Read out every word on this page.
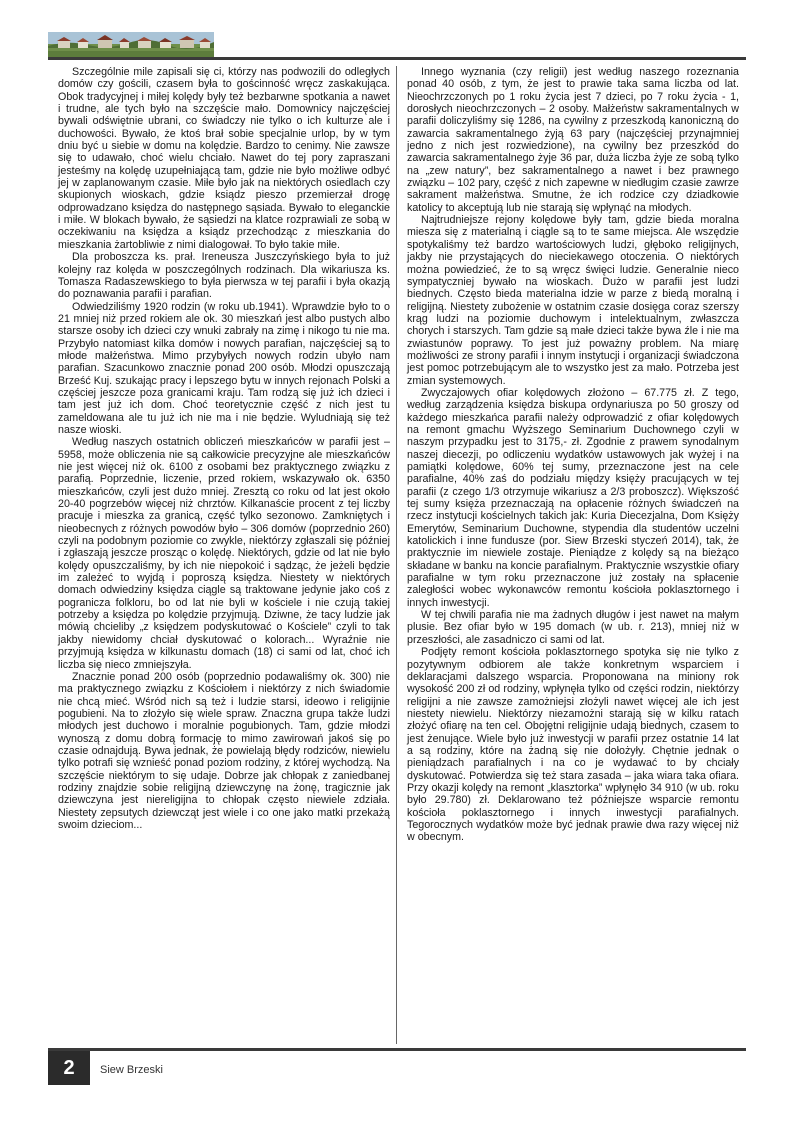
Szczególnie mile zapisali się ci, którzy nas podwozili do odległych domów czy gościli, czasem była to gościnność wręcz zaskakująca. Obok tradycyjnej i miłej kolędy były też bezbarwne spotkania a nawet i trudne, ale tych było na szczęście mało. Domownicy najczęściej bywali odświętnie ubrani, co świadczy nie tylko o ich kulturze ale i duchowości. Bywało, że ktoś brał sobie specjalnie urlop, by w tym dniu być u siebie w domu na kolędzie. Bardzo to cenimy. Nie zawsze się to udawało, choć wielu chciało. Nawet do tej pory zapraszani jesteśmy na kolędę uzupełniającą tam, gdzie nie było możliwe odbyć jej w zaplanowanym czasie. Miłe było jak na niektórych osiedlach czy skupionych wioskach, gdzie ksiądz pieszo przemierzał drogę odprowadzano księdza do następnego sąsiada. Bywało to eleganckie i miłe. W blokach bywało, że sąsiedzi na klatce rozprawiali ze sobą w oczekiwaniu na księdza a ksiądz przechodząc z mieszkania do mieszkania żartobliwie z nimi dialogował. To było takie miłe.

Dla proboszcza ks. prał. Ireneusza Juszczyńskiego była to już kolejny raz kolęda w poszczególnych rodzinach. Dla wikariusza ks. Tomasza Radaszewskiego to była pierwsza w tej parafii i była okazją do poznawania parafii i parafian.

Odwiedziliśmy 1920 rodzin (w roku ub.1941). Wprawdzie było to o 21 mniej niż przed rokiem ale ok. 30 mieszkań jest albo pustych albo starsze osoby ich dzieci czy wnuki zabrały na zimę i nikogo tu nie ma. Przybyło natomiast kilka domów i nowych parafian, najczęściej są to młode małżeństwa. Mimo przybyłych nowych rodzin ubyło nam parafian. Szacunkowo znacznie ponad 200 osób. Młodzi opuszczają Brześć Kuj. szukając pracy i lepszego bytu w innych rejonach Polski a częściej jeszcze poza granicami kraju. Tam rodzą się już ich dzieci i tam jest już ich dom. Choć teoretycznie część z nich jest tu zameldowana ale tu już ich nie ma i nie będzie. Wyludniają się też nasze wioski.

Według naszych ostatnich obliczeń mieszkańców w parafii jest – 5958, może obliczenia nie są całkowicie precyzyjne ale mieszkańców nie jest więcej niż ok. 6100 z osobami bez praktycznego związku z parafią. Poprzednie, liczenie, przed rokiem, wskazywało ok. 6350 mieszkańców, czyli jest dużo mniej. Zresztą co roku od lat jest około 20-40 pogrzebów więcej niż chrztów. Kilkanaście procent z tej liczby pracuje i mieszka za granicą, część tylko sezonowo. Zamkniętych i nieobecnych z różnych powodów było – 306 domów (poprzednio 260) czyli na podobnym poziomie co zwykle, niektórzy zgłaszali się później i zgłaszają jeszcze prosząc o kolędę. Niektórych, gdzie od lat nie było kolędy opuszczaliśmy, by ich nie niepokoić i sądząc, że jeżeli będzie im zależeć to wyjdą i poproszą księdza. Niestety w niektórych domach odwiedziny księdza ciągle są traktowane jedynie jako coś z pogranicza folkloru, bo od lat nie byli w kościele i nie czują takiej potrzeby a księdza po kolędzie przyjmują. Dziwne, że tacy ludzie jak mówią chcieliby „z księdzem podyskutować o Kościele” czyli to tak jakby niewidomy chciał dyskutować o kolorach... Wyraźnie nie przyjmują księdza w kilkunastu domach (18) ci sami od lat, choć ich liczba się nieco zmniejszyła.

Znacznie ponad 200 osób (poprzednio podawaliśmy ok. 300) nie ma praktycznego związku z Kościołem i niektórzy z nich świadomie nie chcą mieć. Wśród nich są też i ludzie starsi, ideowo i religijnie pogubieni. Na to złożyło się wiele spraw. Znaczna grupa także ludzi młodych jest duchowo i moralnie pogubionych. Tam, gdzie młodzi wynoszą z domu dobrą formację to mimo zawirowań jakoś się po czasie odnajdują. Bywa jednak, że powielają błędy rodziców, niewielu tylko potrafi się wznieść ponad poziom rodziny, z której wychodzą. Na szczęście niektórym to się udaje. Dobrze jak chłopak z zaniedbanej rodziny znajdzie sobie religijną dziewczynę na żonę, tragicznie jak dziewczyna jest niereligijna to chłopak często niewiele zdziała. Niestety zepsutych dziewcząt jest wiele i co one jako matki przekażą swoim dzieciom...

Innego wyznania (czy religii) jest według naszego rozeznania ponad 40 osób, z tym, że jest to prawie taka sama liczba od lat. Nieochrzczonych po 1 roku życia jest 7 dzieci, po 7 roku życia - 1, dorosłych nieochrzczonych – 2 osoby. Małżeństw sakramentalnych w parafii doliczyliśmy się 1286, na cywilny z przeszkodą kanoniczną do zawarcia sakramentalnego żyją 63 pary (najczęściej przynajmniej jedno z nich jest rozwiedzione), na cywilny bez przeszkód do zawarcia sakramentalnego żyje 36 par, duża liczba żyje ze sobą tylko na „zew natury”, bez sakramentalnego a nawet i bez prawnego związku – 102 pary, część z nich zapewne w niedługim czasie zawrze sakrament małżeństwa. Smutne, że ich rodzice czy dziadkowie katolicy to akceptują lub nie starają się wpłynąć na młodych.

Najtrudniejsze rejony kolędowe były tam, gdzie bieda moralna miesza się z materialną i ciągle są to te same miejsca. Ale wszędzie spotykaliśmy też bardzo wartościowych ludzi, głęboko religijnych, jakby nie przystających do nieciekawego otoczenia. O niektórych można powiedzieć, że to są wręcz święci ludzie. Generalnie nieco sympatyczniej bywało na wioskach. Dużo w parafii jest ludzi biednych. Często bieda materialna idzie w parze z biedą moralną i religijną. Niestety zubożenie w ostatnim czasie dosięga coraz szerszy krąg ludzi na poziomie duchowym i intelektualnym, zwłaszcza chorych i starszych. Tam gdzie są małe dzieci także bywa źle i nie ma zwiastunów poprawy. To jest już poważny problem. Na miarę możliwości ze strony parafii i innym instytucji i organizacji świadczona jest pomoc potrzebującym ale to wszystko jest za mało. Potrzeba jest zmian systemowych.

Zwyczajowych ofiar kolędowych złożono – 67.775 zł. Z tego, według zarządzenia księdza biskupa ordynariusza po 50 groszy od każdego mieszkańca parafii należy odprowadzić z ofiar kolędowych na remont gmachu Wyższego Seminarium Duchownego czyli w naszym przypadku jest to 3175,- zł. Zgodnie z prawem synodalnym naszej diecezji, po odliczeniu wydatków ustawowych jak wyżej i na pamiątki kolędowe, 60% tej sumy, przeznaczone jest na cele parafialne, 40% zaś do podziału między księży pracujących w tej parafii (z czego 1/3 otrzymuje wikariusz a 2/3 proboszcz). Większość tej sumy księża przeznaczają na opłacenie różnych świadczeń na rzecz instytucji kościelnych takich jak: Kuria Diecezjalna, Dom Księży Emerytów, Seminarium Duchowne, stypendia dla studentów uczelni katolickich i inne fundusze (por. Siew Brzeski styczeń 2014), tak, że praktycznie im niewiele zostaje. Pieniądze z kolędy są na bieżąco składane w banku na koncie parafialnym. Praktycznie wszystkie ofiary parafialne w tym roku przeznaczone już zostały na spłacenie zaległości wobec wykonawców remontu kościoła poklasztornego i innych inwestycji.

W tej chwili parafia nie ma żadnych długów i jest nawet na małym plusie. Bez ofiar było w 195 domach (w ub. r. 213), mniej niż w przeszłości, ale zasadniczo ci sami od lat.

Podjęty remont kościoła poklasztornego spotyka się nie tylko z pozytywnym odbiorem ale także konkretnym wsparciem i deklaracjami dalszego wsparcia. Proponowana na miniony rok wysokość 200 zł od rodziny, wpłynęła tylko od części rodzin, niektórzy religijni a nie zawsze zamożniejsi złożyli nawet więcej ale ich jest niestety niewielu. Niektórzy niezamożni starają się w kilku ratach złożyć ofiarę na ten cel. Obojętni religijnie udają biednych, czasem to jest żenujące. Wiele było już inwestycji w parafii przez ostatnie 14 lat a są rodziny, które na żadną się nie dołożyły. Chętnie jednak o pieniądzach parafialnych i na co je wydawać to by chciały dyskutować. Potwierdza się też stara zasada – jaka wiara taka ofiara. Przy okazji kolędy na remont „klasztorka” wpłynęło 34 910 (w ub. roku było 29.780) zł. Deklarowano też późniejsze wsparcie remontu kościoła poklasztornego i innych inwestycji parafialnych. Tegorocznych wydatków może być jednak prawie dwa razy więcej niż w obecnym.

2	Siew Brzeski
